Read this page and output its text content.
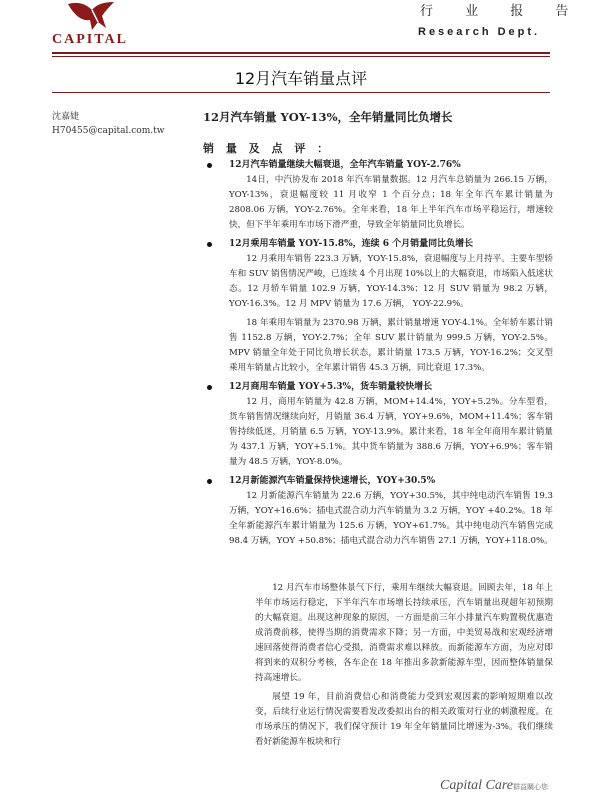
CAPITAL
行 业 报 告
Research Dept.
12月汽车销量点评
沈嘉婕
H70455@capital.com.tw

12月汽车销量 YOY-13%，全年销量同比负增长

销 量 及 点 评 ：

12月汽车销量继续大幅衰退，全年汽车销量 YOY-2.76%

14日，中汽协发布 2018 年汽车销量数据。12 月汽车总销量为 266.15 万辆，YOY-13%，衰退幅度较 11 月收窄 1 个百分点；18 年全年汽车累计销量为 2808.06 万辆，YOY-2.76%。全年来看，18 年上半年汽车市场平稳运行，增速较快，但下半年乘用车市场下滑严重，导致全年销量同比负增长。

12月乘用车销量 YOY-15.8%，连续 6 个月销量同比负增长

12 月乘用车销售 223.3 万辆，YOY-15.8%，衰退幅度与上月持平。主要车型轿车和 SUV 销售情况严峻，已连续 4 个月出现 10%以上的大幅衰退，市场陷入低迷状态。12 月轿车销量 102.9 万辆，YOY-14.3%；12 月 SUV 销量为 98.2 万辆，YOY-16.3%。12 月 MPV 销量为 17.6 万辆， YOY-22.9%。

18 年乘用车销量为 2370.98 万辆，累计销量增速 YOY-4.1%。全年轿车累计销售 1152.8 万辆，YOY-2.7%；全年 SUV 累计销量为 999.5 万辆，YOY-2.5%。MPV 销量全年处于同比负增长状态，累计销量 173.5 万辆，YOY-16.2%；交叉型乘用车销量占比较小，全年累计销售 45.3 万辆，同比衰退 17.3%。

12月商用车销量 YOY+5.3%，货车销量较快增长

12 月，商用车销量为 42.8 万辆，MOM+14.4%，YOY+5.2%。分车型看，货车销售情况继续向好，月销量 36.4 万辆，YOY+9.6%，MOM+11.4%；客车销售持续低迷，月销量 6.5 万辆，YOY-13.9%。累计来看，18 年全年商用车累计销量为 437.1 万辆，YOY+5.1%。其中货车销量为 388.6 万辆，YOY+6.9%；客车销量为 48.5 万辆，YOY-8.0%。

12月新能源汽车销量保持快速增长，YOY+30.5%

12 月新能源汽车销量为 22.6 万辆，YOY+30.5%，其中纯电动汽车销售 19.3 万辆，YOY+16.6%；插电式混合动力汽车销量为 3.2 万辆，YOY +40.2%。18 年全年新能源汽车累计销量为 125.6 万辆，YOY+61.7%。其中纯电动汽车销售完成 98.4 万辆，YOY +50.8%；插电式混合动力汽车销售 27.1 万辆，YOY+118.0%。

12 月汽车市场整体景气下行，乘用车继续大幅衰退。回顾去年，18 年上半年市场运行稳定，下半年汽车市场增长持续承压，汽车销量出现超年初预期的大幅衰退。出现这种现象的原因，一方面是前三年小排量汽车购置税优惠造成消费前移，使得当期的消费需求下降；另一方面，中美贸易战和宏观经济增速回落使得消费者信心受损，消费需求难以释放。而新能源车方面，为应对即将到来的双积分考核，各车企在 18 年推出多款新能源车型，因而整体销量保持高速增长。

展望 19 年，目前消费信心和消费能力受到宏观因素的影响短期难以改变，后续行业运行情况需要看发改委拟出台的相关政策对行业的刺激程度。在市场承压的情况下，我们保守预计 19 年全年销量同比增速为-3%。我们继续看好新能源车板块和行

Capital Care 群益關心您
